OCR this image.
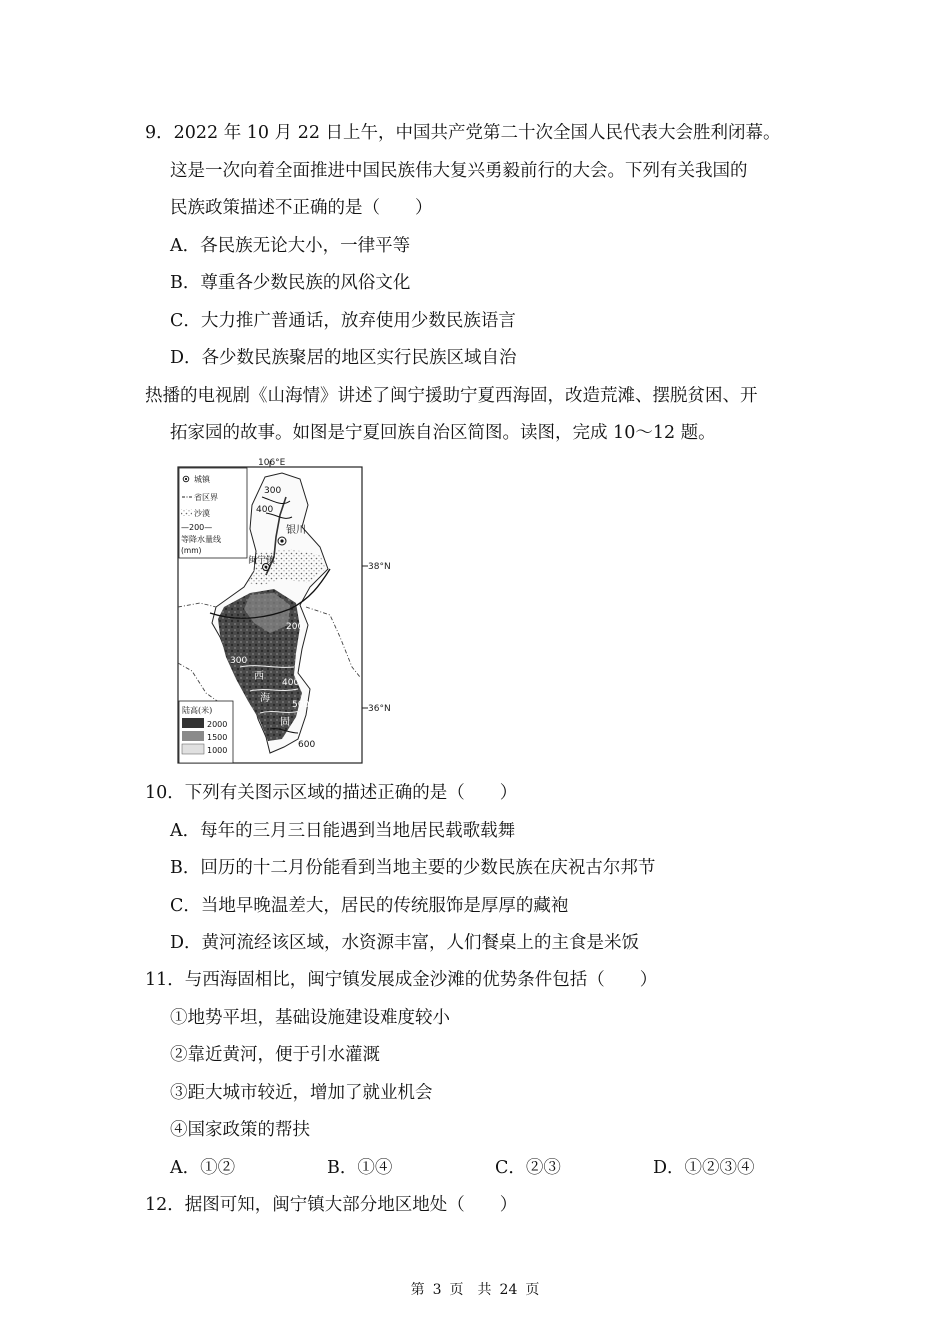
9．2022 年 10 月 22 日上午，中国共产党第二十次全国人民代表大会胜利闭幕。
这是一次向着全面推进中国民族伟大复兴勇毅前行的大会。下列有关我国的
民族政策描述不正确的是（　　）
A．各民族无论大小，一律平等
B．尊重各少数民族的风俗文化
C．大力推广普通话，放弃使用少数民族语言
D．各少数民族聚居的地区实行民族区域自治
热播的电视剧《山海情》讲述了闽宁援助宁夏西海固，改造荒滩、摆脱贫困、开
拓家园的故事。如图是宁夏回族自治区简图。读图，完成 10～12 题。
106°E
38°N
36°N
银川
闽宁镇
西
海
固
300
400
200
300
400
500
600
城镇
省区界
沙漠
—200—
等降水量线
(mm)
陆高(米)
2000
1500
1000
10．下列有关图示区域的描述正确的是（　　）
A．每年的三月三日能遇到当地居民载歌载舞
B．回历的十二月份能看到当地主要的少数民族在庆祝古尔邦节
C．当地早晚温差大，居民的传统服饰是厚厚的藏袍
D．黄河流经该区域，水资源丰富，人们餐桌上的主食是米饭
11．与西海固相比，闽宁镇发展成金沙滩的优势条件包括（　　）
①地势平坦，基础设施建设难度较小
②靠近黄河，便于引水灌溉
③距大城市较近，增加了就业机会
④国家政策的帮扶
A．①②	B．①④	C．②③	D．①②③④
12．据图可知，闽宁镇大部分地区地处（　　）
第 3 页　共 24 页
